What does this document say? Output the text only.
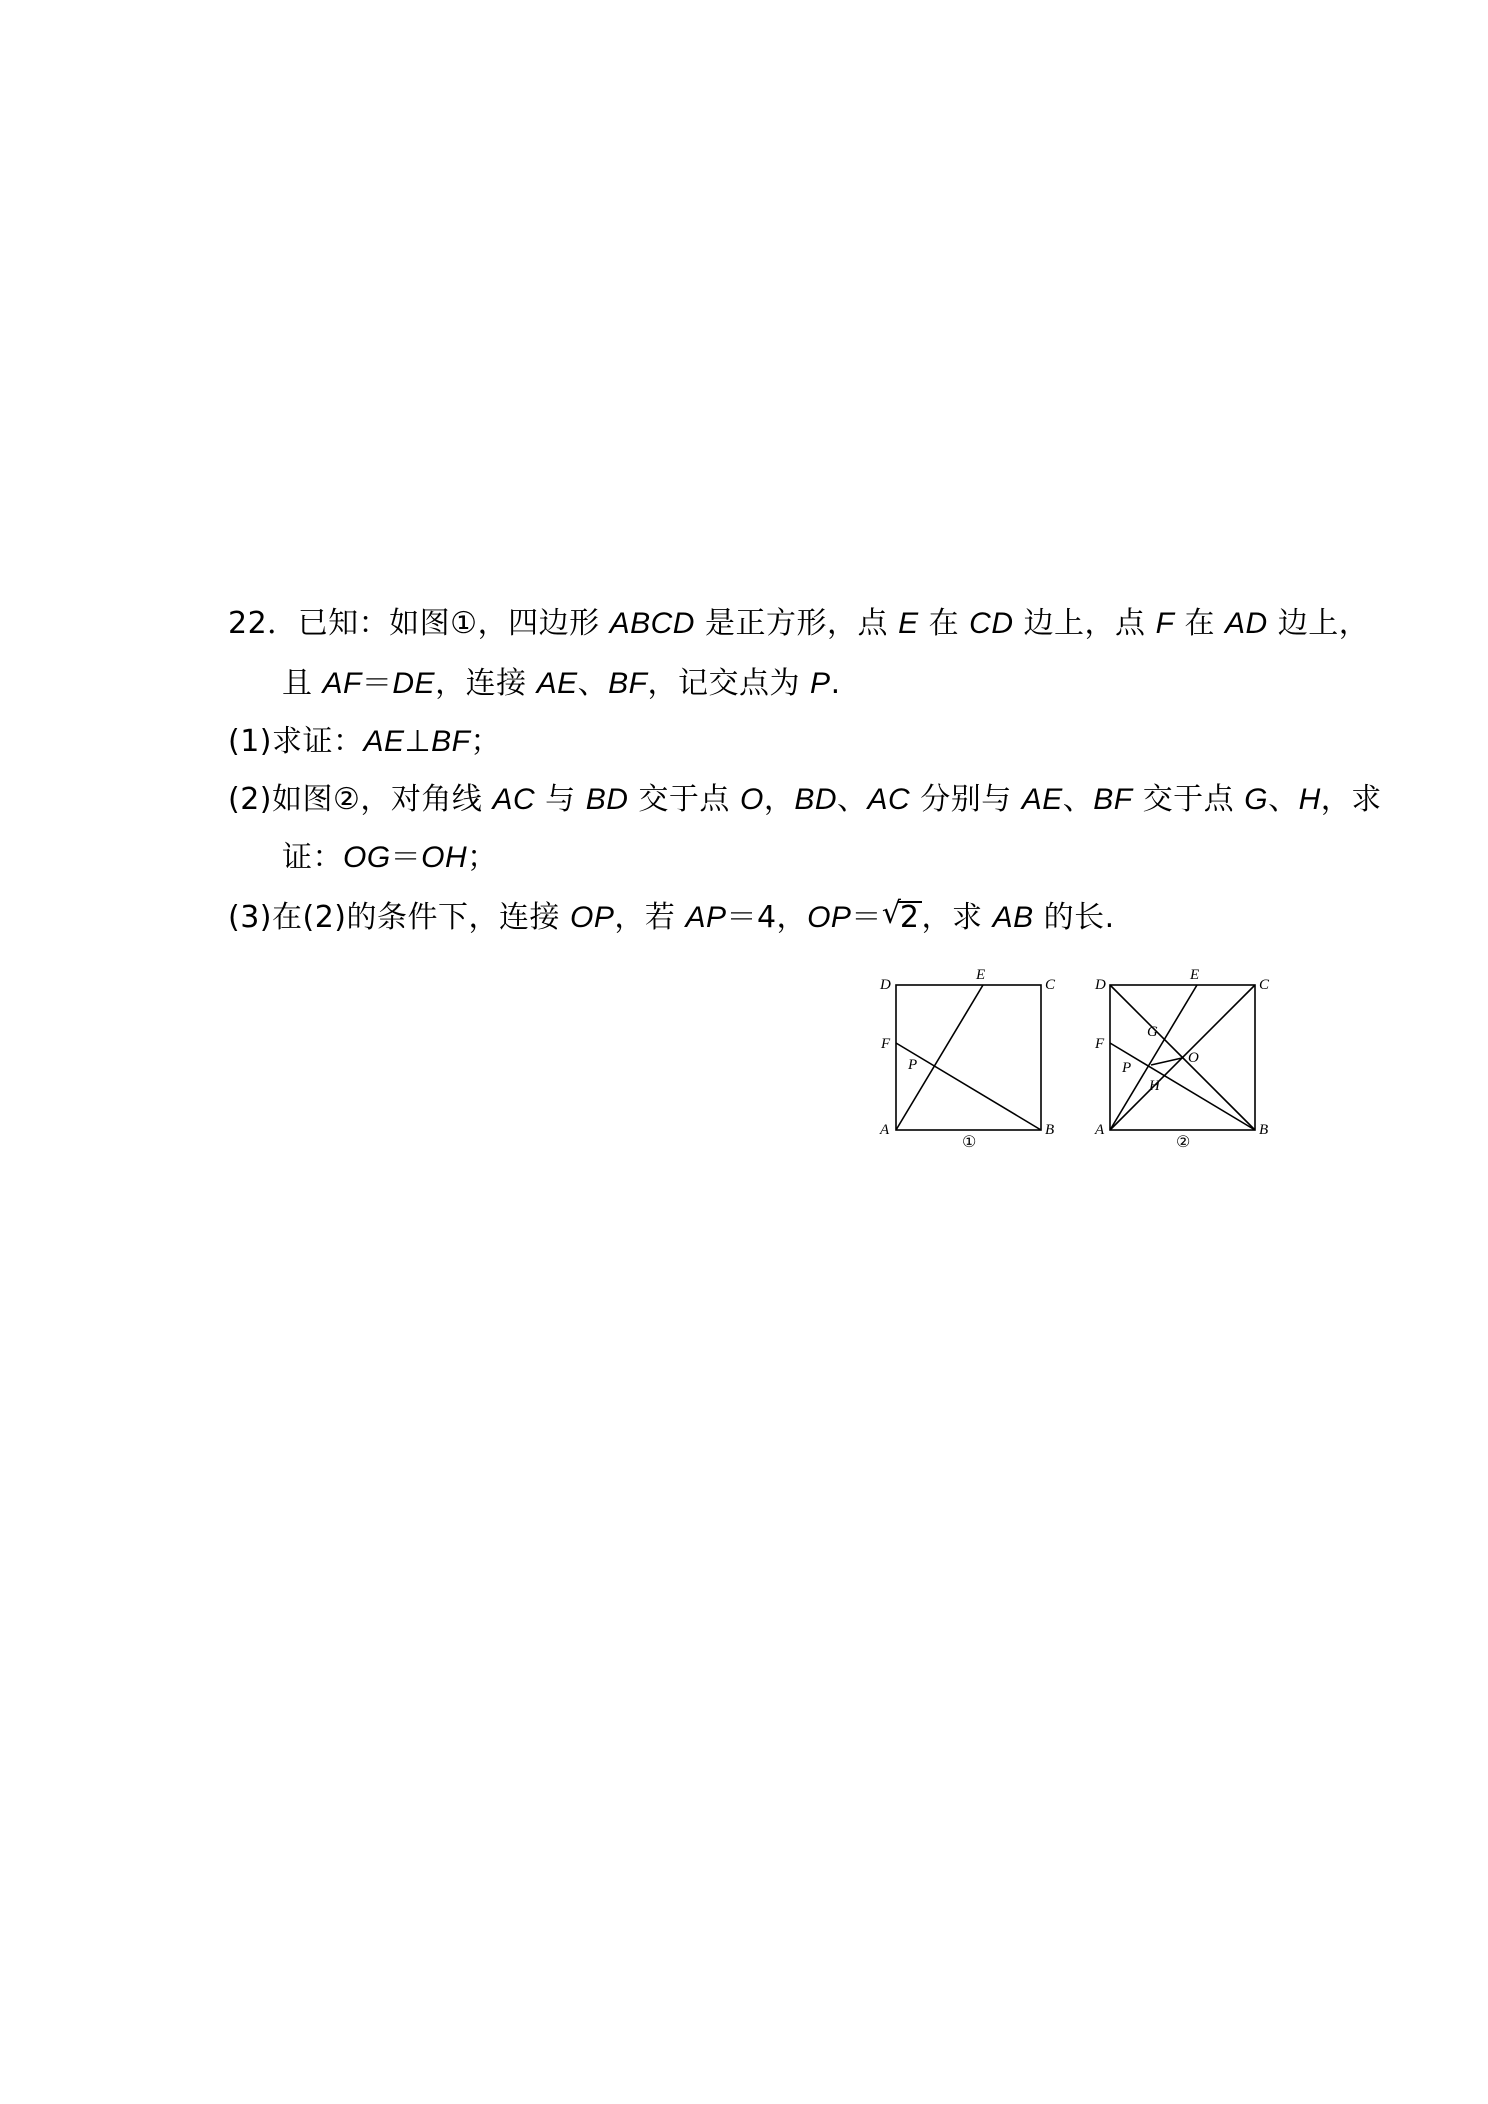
22．已知：如图①，四边形 ABCD 是正方形，点 E 在 CD 边上，点 F 在 AD 边上，
且 AF＝DE，连接 AE、BF，记交点为 P.
(1)求证：AE⊥BF；
(2)如图②，对角线 AC 与 BD 交于点 O，BD、AC 分别与 AE、BF 交于点 G、H，求
证：OG＝OH；
(3)在(2)的条件下，连接 OP，若 AP＝4，OP＝ √
2，求 AB 的长.
D
E
C
F
P
A	B
①
D
E
C
G
F
O
P
H
A	B
②
